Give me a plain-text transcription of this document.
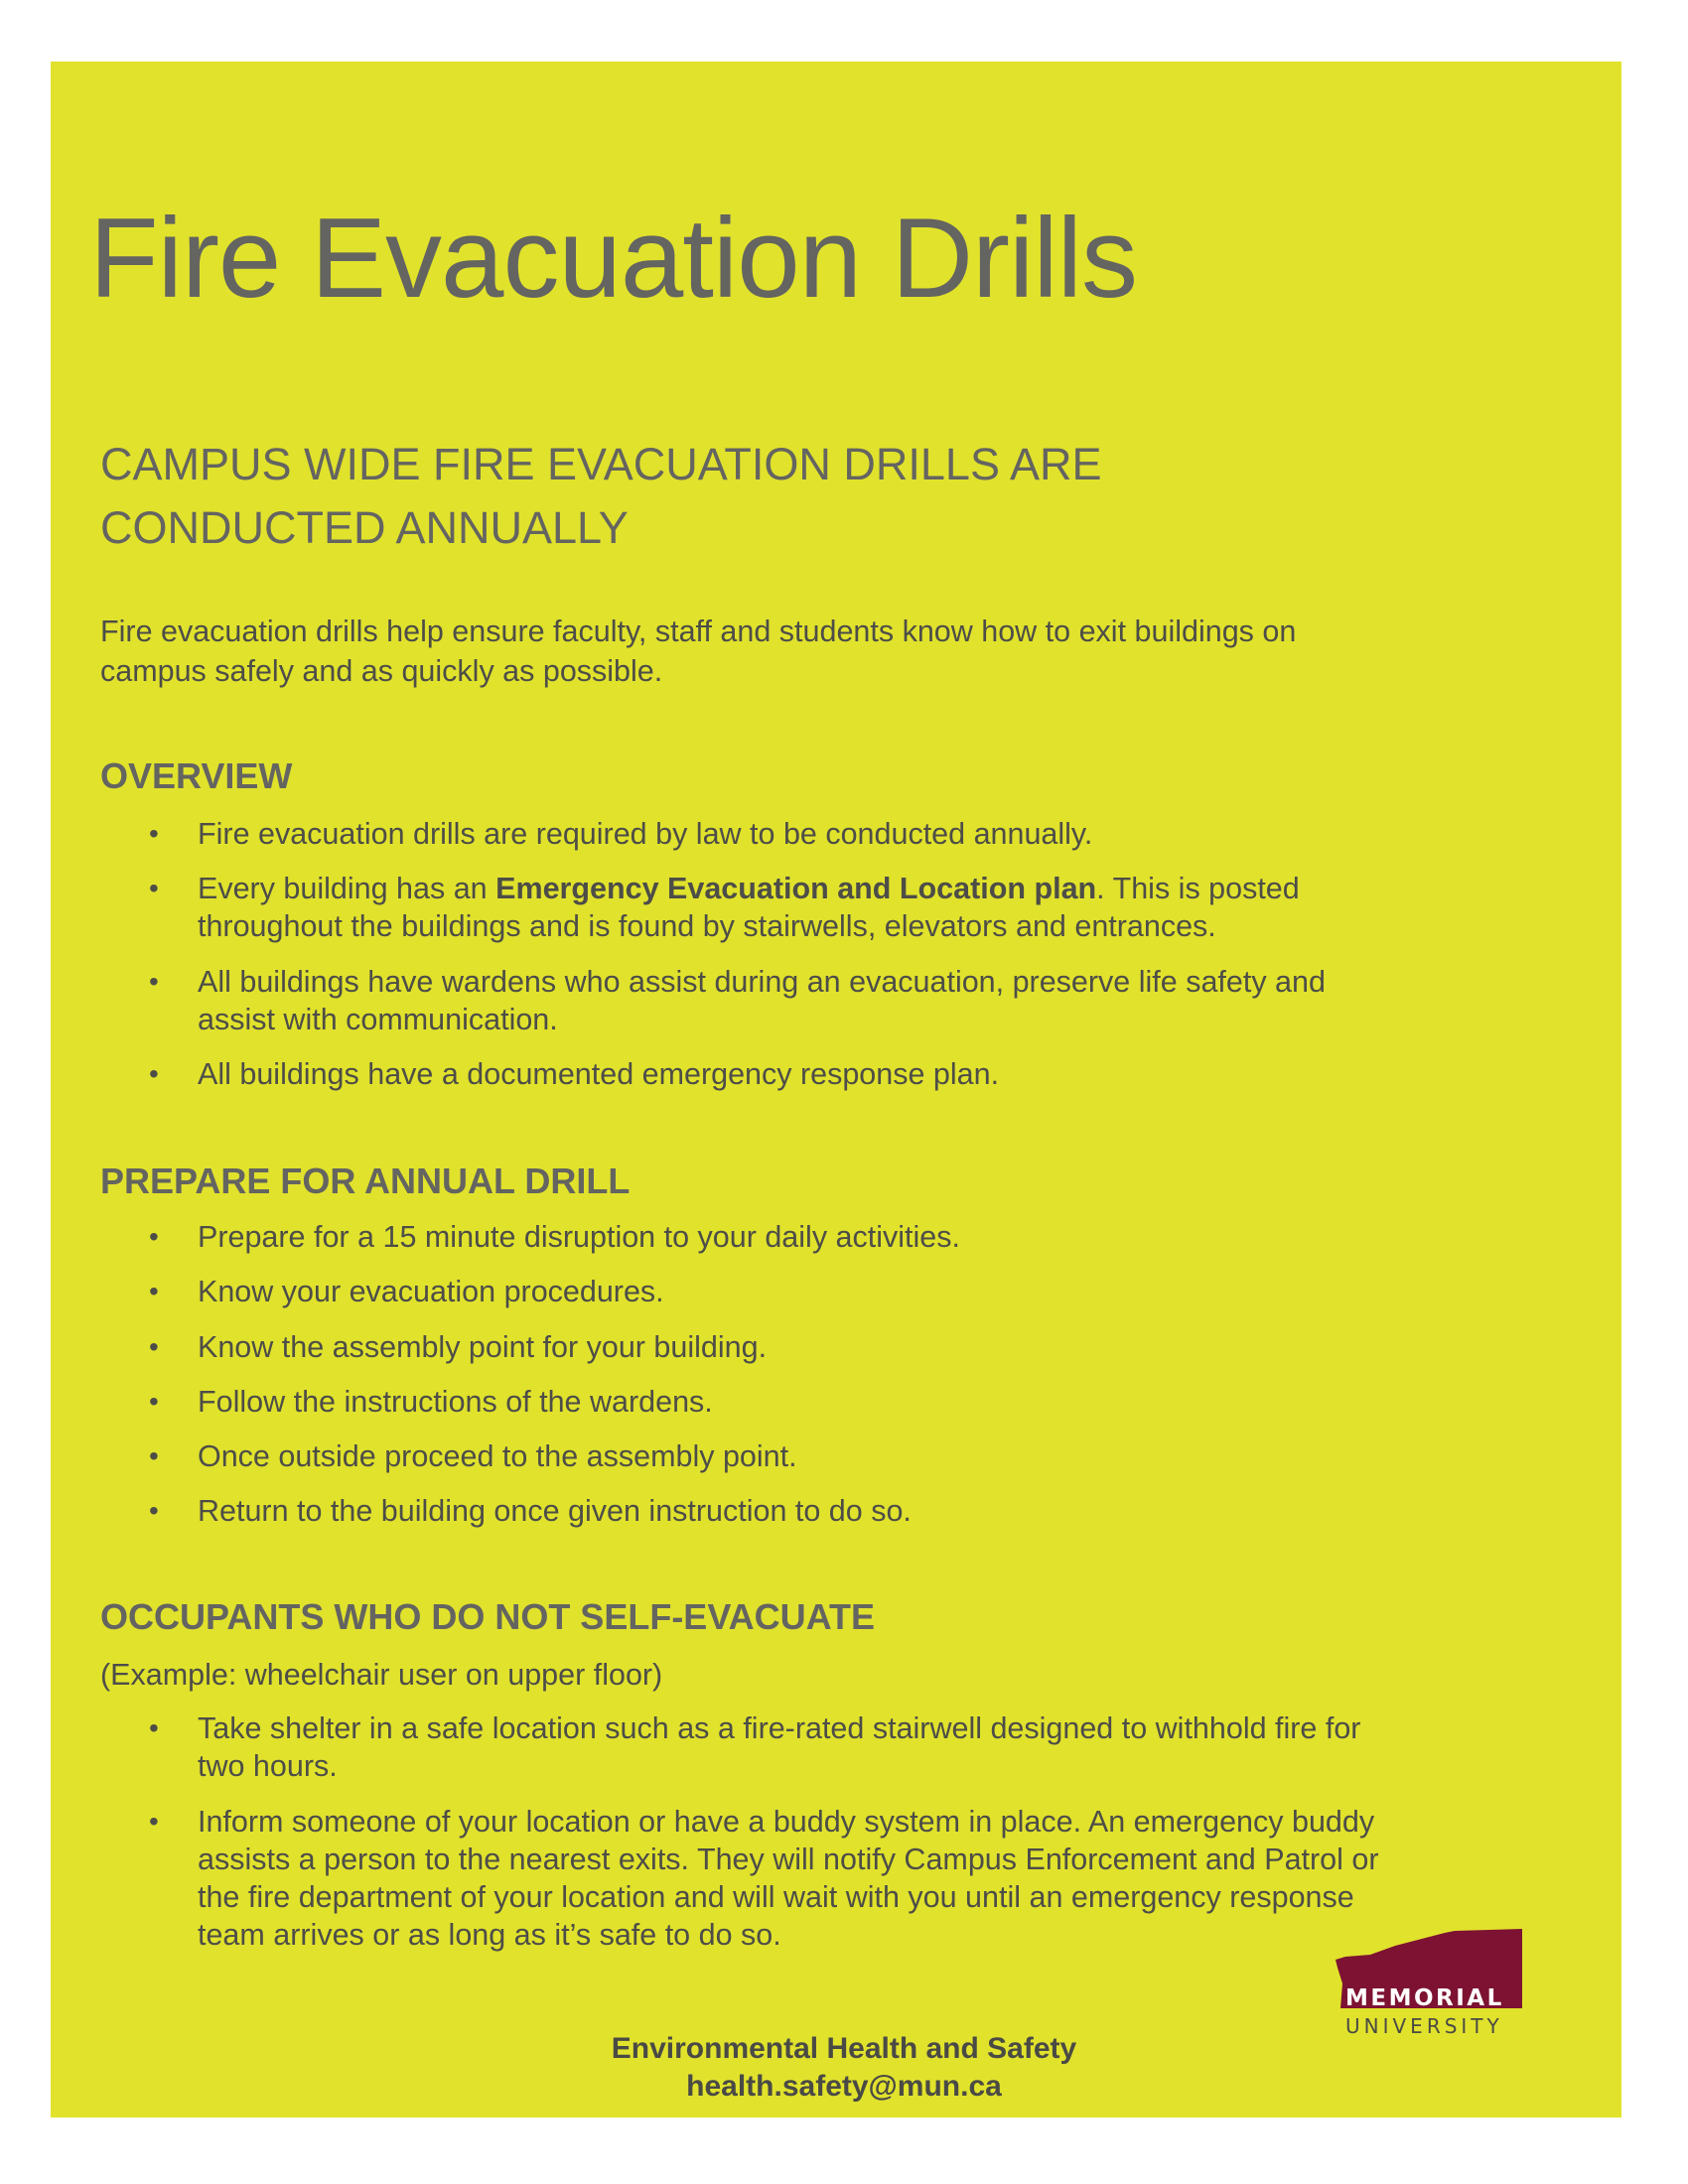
Fire Evacuation Drills
CAMPUS WIDE FIRE EVACUATION DRILLS ARE
CONDUCTED ANNUALLY
Fire evacuation drills help ensure faculty, staff and students know how to exit buildings on
campus safely and as quickly as possible.
OVERVIEW
•	Fire evacuation drills are required by law to be conducted annually.
•	Every building has an Emergency Evacuation and Location plan. This is posted
throughout the buildings and is found by stairwells, elevators and entrances.
•	All buildings have wardens who assist during an evacuation, preserve life safety and
assist with communication.
•	All buildings have a documented emergency response plan.
PREPARE FOR ANNUAL DRILL
•	Prepare for a 15 minute disruption to your daily activities.
•	Know your evacuation procedures.
•	Know the assembly point for your building.
•	Follow the instructions of the wardens.
•	Once outside proceed to the assembly point.
•	Return to the building once given instruction to do so.
OCCUPANTS WHO DO NOT SELF-EVACUATE
(Example: wheelchair user on upper floor)
•	Take shelter in a safe location such as a fire-rated stairwell designed to withhold fire for
two hours.
•	Inform someone of your location or have a buddy system in place. An emergency buddy
assists a person to the nearest exits. They will notify Campus Enforcement and Patrol or
the fire department of your location and will wait with you until an emergency response
team arrives or as long as it’s safe to do so.
MEMORIAL
UNIVERSITY
Environmental Health and Safety
health.safety@mun.ca
